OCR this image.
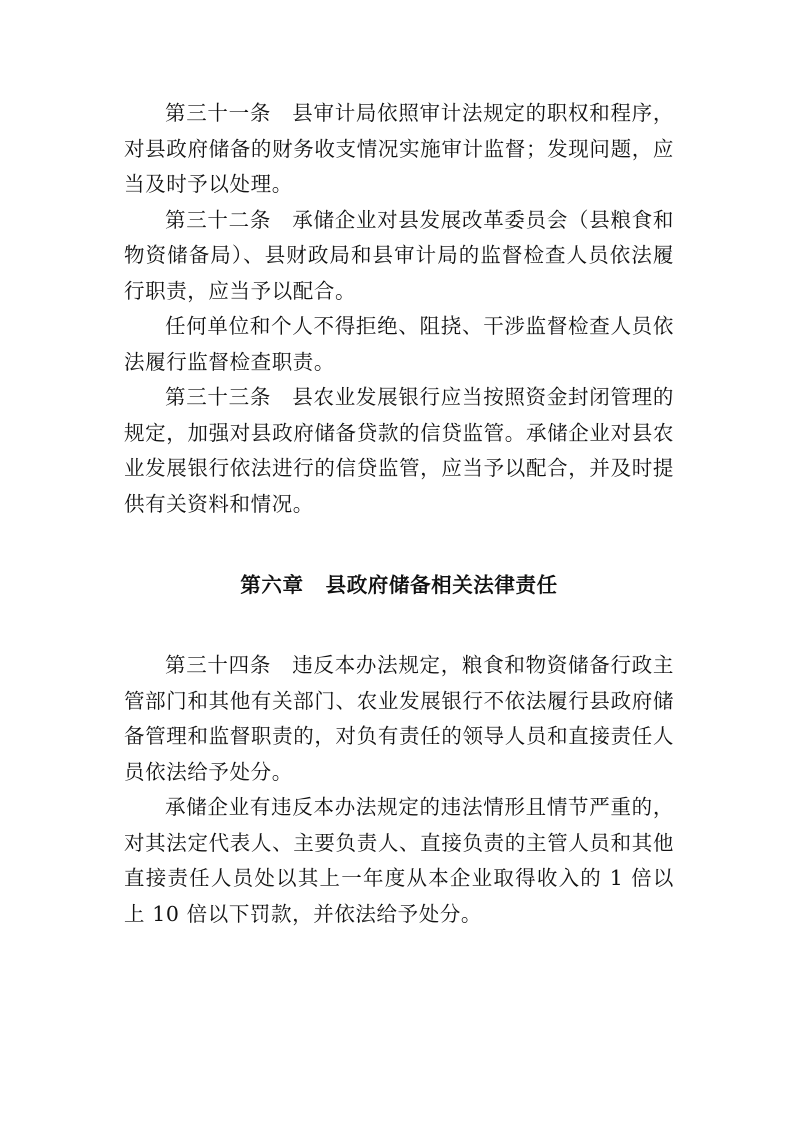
第三十一条　县审计局依照审计法规定的职权和程序，对县政府储备的财务收支情况实施审计监督；发现问题，应当及时予以处理。

第三十二条　承储企业对县发展改革委员会（县粮食和物资储备局）、县财政局和县审计局的监督检查人员依法履行职责，应当予以配合。

任何单位和个人不得拒绝、阻挠、干涉监督检查人员依法履行监督检查职责。

第三十三条　县农业发展银行应当按照资金封闭管理的规定，加强对县政府储备贷款的信贷监管。承储企业对县农业发展银行依法进行的信贷监管，应当予以配合，并及时提供有关资料和情况。

第六章 县政府储备相关法律责任

第三十四条　违反本办法规定，粮食和物资储备行政主管部门和其他有关部门、农业发展银行不依法履行县政府储备管理和监督职责的，对负有责任的领导人员和直接责任人员依法给予处分。

承储企业有违反本办法规定的违法情形且情节严重的，对其法定代表人、主要负责人、直接负责的主管人员和其他直接责任人员处以其上一年度从本企业取得收入的 1 倍以上 10 倍以下罚款，并依法给予处分。
